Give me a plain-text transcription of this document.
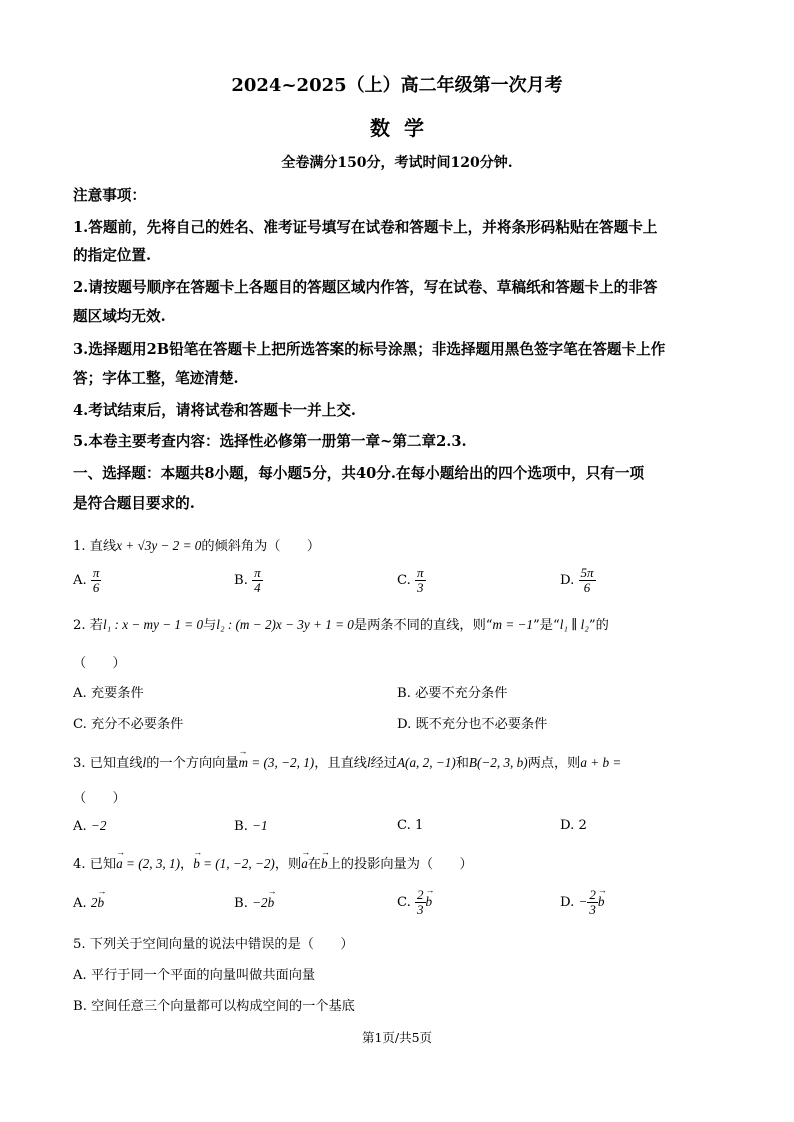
2024~2025（上）高二年级第一次月考
数学
全卷满分150分，考试时间120分钟.
注意事项：
1.答题前，先将自己的姓名、准考证号填写在试卷和答题卡上，并将条形码粘贴在答题卡上
的指定位置.
2.请按题号顺序在答题卡上各题目的答题区域内作答，写在试卷、草稿纸和答题卡上的非答
题区域均无效.
3.选择题用2B铅笔在答题卡上把所选答案的标号涂黑；非选择题用黑色签字笔在答题卡上作
答；字体工整，笔迹清楚.
4.考试结束后，请将试卷和答题卡一并上交.
5.本卷主要考查内容：选择性必修第一册第一章~第二章2.3.
一、选择题：本题共8小题，每小题5分，共40分.在每小题给出的四个选项中，只有一项
是符合题目要求的.
1. 直线x + √3y − 2 = 0的倾斜角为（　　）
A. $\frac{\pi}{6}$	B. $\frac{\pi}{4}$	C. $\frac{\pi}{3}$	D. $\frac{5\pi}{6}$
2. 若l₁ : x − my − 1 = 0与l₂ : (m − 2)x − 3y + 1 = 0是两条不同的直线，则“m = −1”是“l₁ ∥ l₂”的
（　　）
A. 充要条件	B. 必要不充分条件
C. 充分不必要条件	D. 既不充分也不必要条件
3. 已知直线l的一个方向向量→ m = (3, −2, 1)，且直线l经过A(a, 2, −1)和B(−2, 3, b)两点，则a + b =
（　　）
A. −2	B. −1	C. 1	D. 2
4. 已知→ a = (2, 3, 1)，→ b = (1, −2, −2)，则→ a在→ b上的投影向量为（　　）
A. 2→ b	B. −2→ b	C. $\frac{2}{3}$
→ b	D. − $\frac{2}{3}$
→ b
5. 下列关于空间向量的说法中错误的是（　　）
A. 平行于同一个平面的向量叫做共面向量
B. 空间任意三个向量都可以构成空间的一个基底
第1页/共5页
